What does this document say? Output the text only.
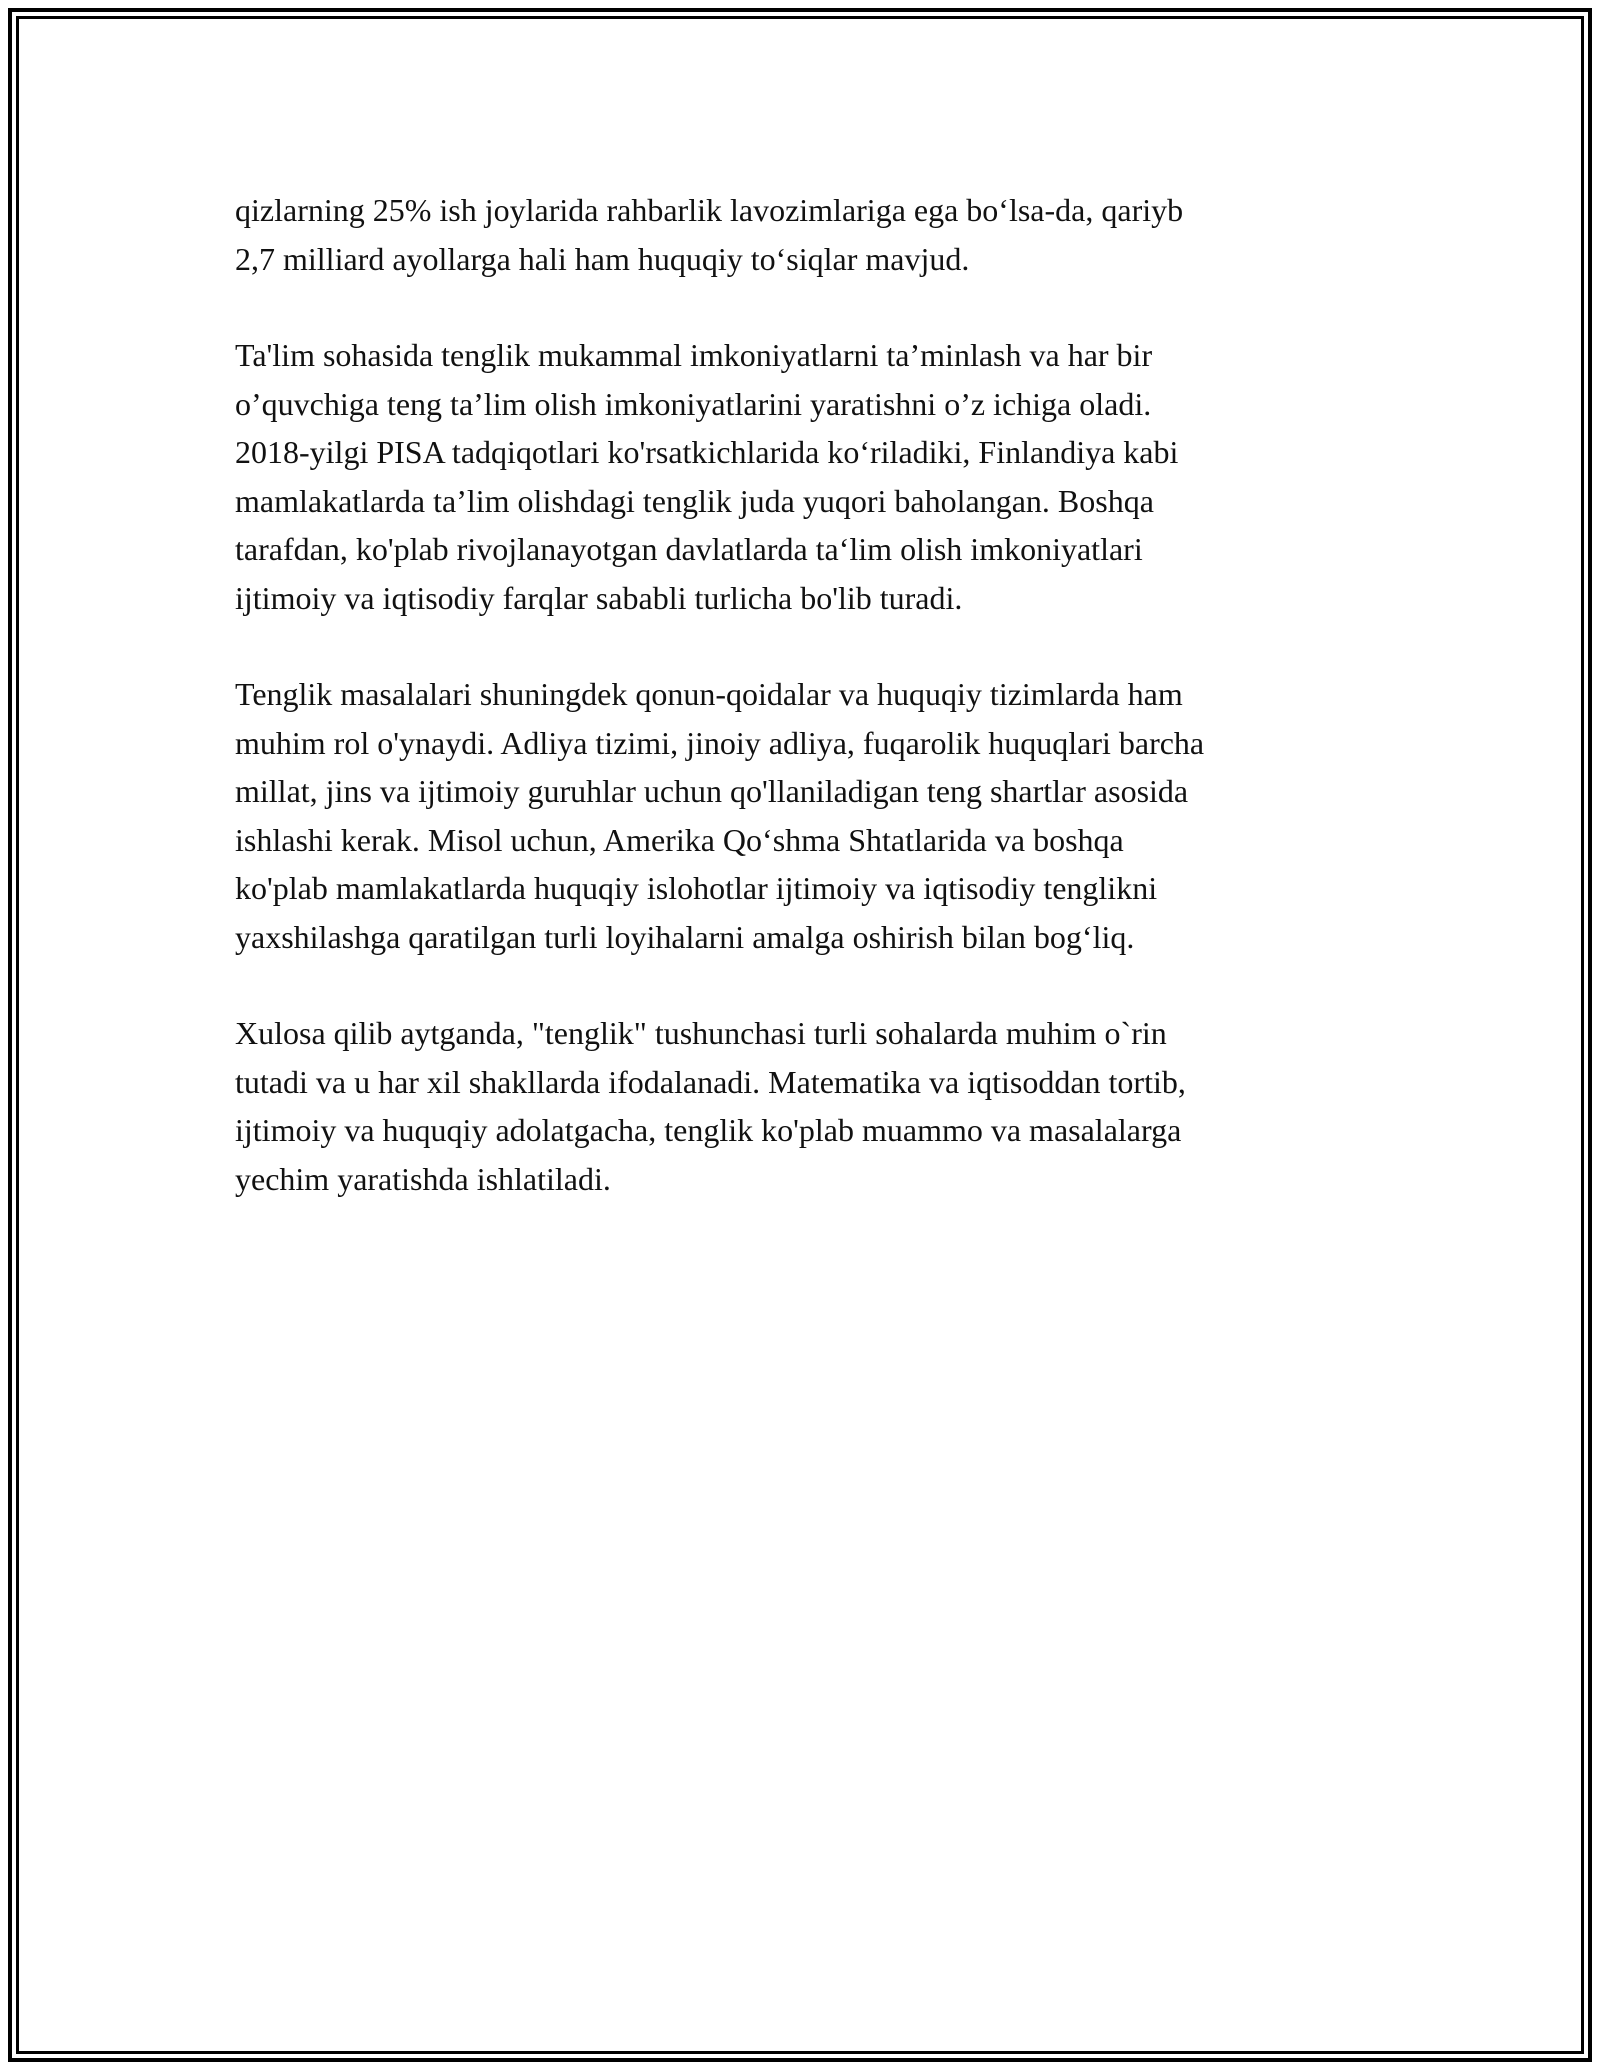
qizlarning 25% ish joylarida rahbarlik lavozimlariga ega bo‘lsa-da, qariyb
2,7 milliard ayollarga hali ham huquqiy to‘siqlar mavjud.

Ta'lim sohasida tenglik mukammal imkoniyatlarni ta’minlash va har bir
o’quvchiga teng ta’lim olish imkoniyatlarini yaratishni o’z ichiga oladi.
2018-yilgi PISA tadqiqotlari ko'rsatkichlarida ko‘riladiki, Finlandiya kabi
mamlakatlarda ta’lim olishdagi tenglik juda yuqori baholangan. Boshqa
tarafdan, ko'plab rivojlanayotgan davlatlarda ta‘lim olish imkoniyatlari
ijtimoiy va iqtisodiy farqlar sababli turlicha bo'lib turadi.

Tenglik masalalari shuningdek qonun-qoidalar va huquqiy tizimlarda ham
muhim rol o'ynaydi. Adliya tizimi, jinoiy adliya, fuqarolik huquqlari barcha
millat, jins va ijtimoiy guruhlar uchun qo'llaniladigan teng shartlar asosida
ishlashi kerak. Misol uchun, Amerika Qo‘shma Shtatlarida va boshqa
ko'plab mamlakatlarda huquqiy islohotlar ijtimoiy va iqtisodiy tenglikni
yaxshilashga qaratilgan turli loyihalarni amalga oshirish bilan bog‘liq.

Xulosa qilib aytganda, "tenglik" tushunchasi turli sohalarda muhim o`rin
tutadi va u har xil shakllarda ifodalanadi. Matematika va iqtisoddan tortib,
ijtimoiy va huquqiy adolatgacha, tenglik ko'plab muammo va masalalarga
yechim yaratishda ishlatiladi.
